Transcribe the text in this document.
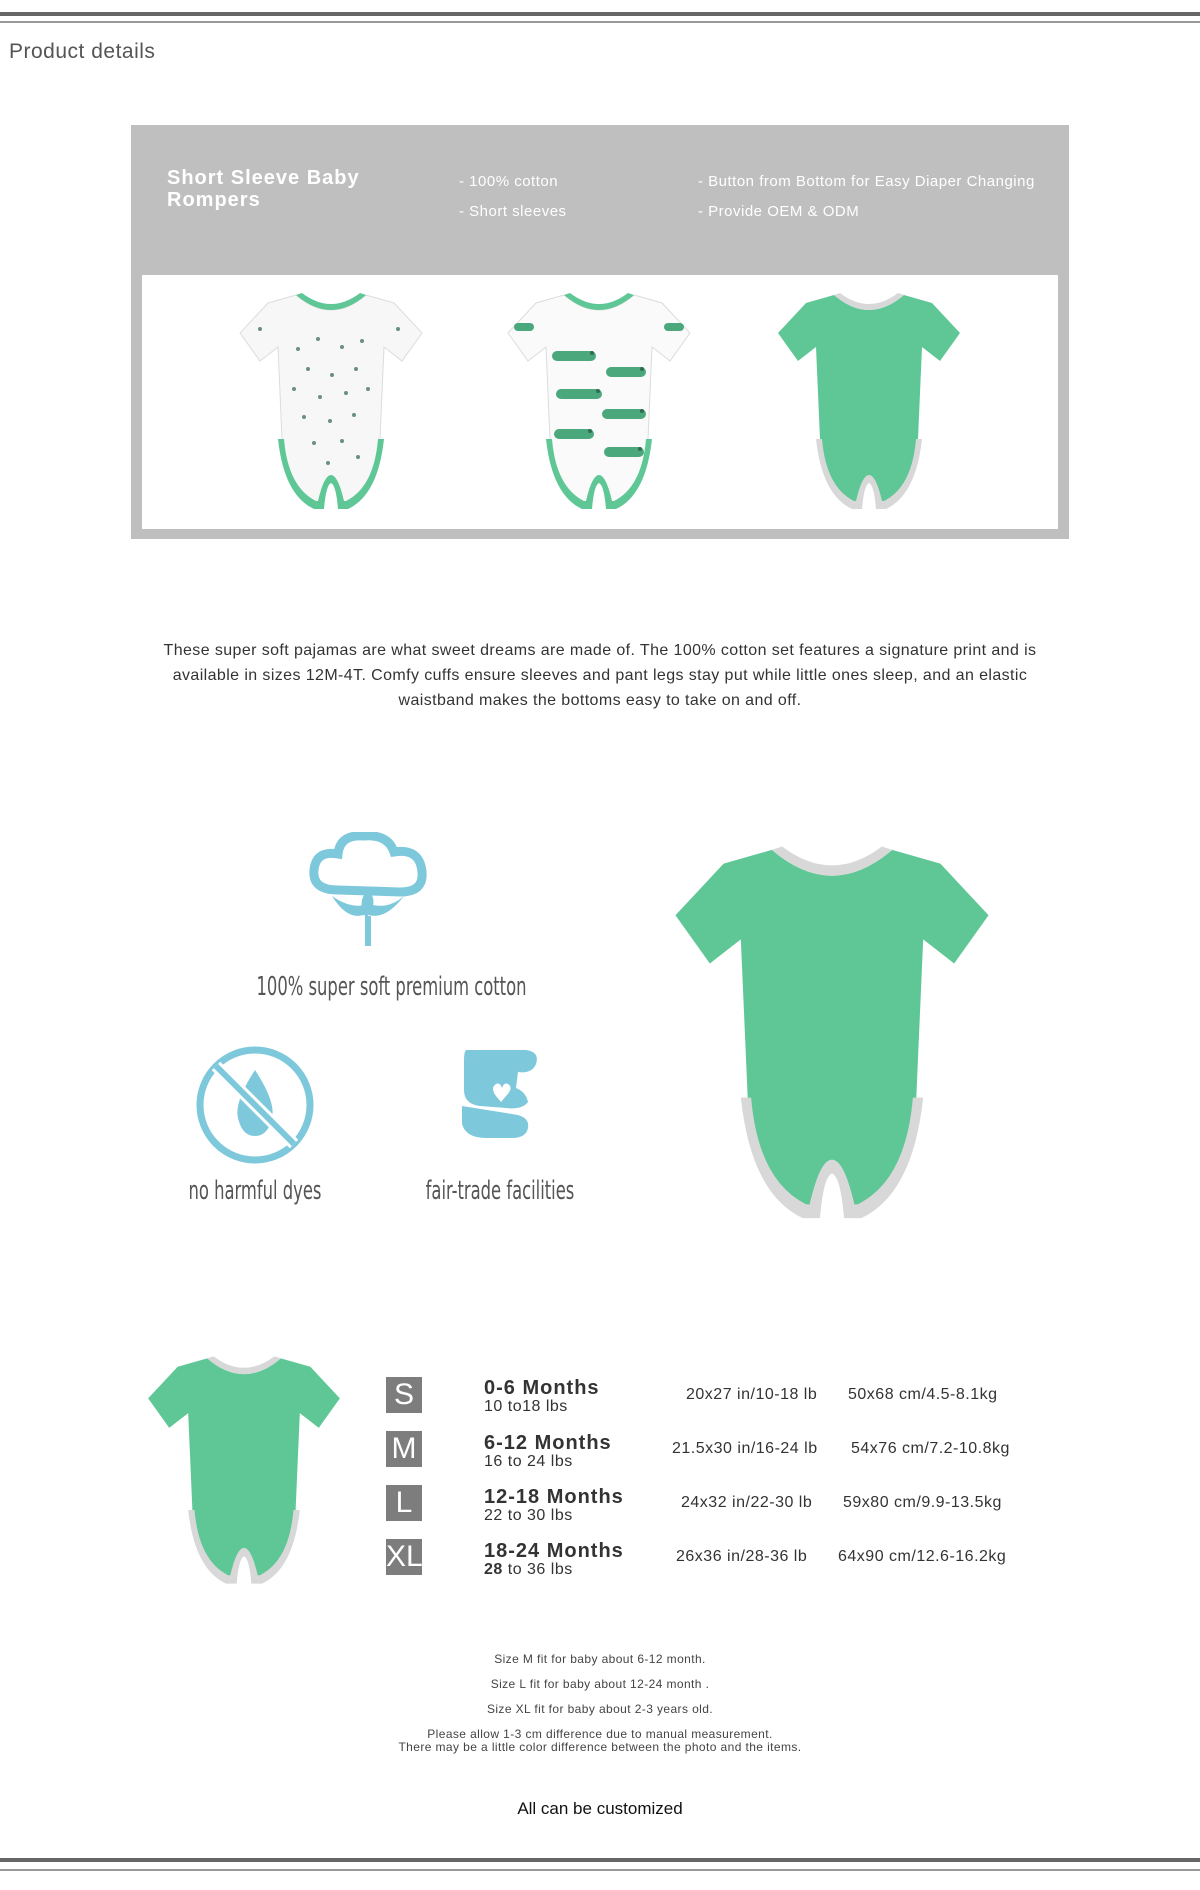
Product details
Short Sleeve Baby Rompers
- 100% cotton
- Short sleeves
- Button from Bottom for Easy Diaper Changing
- Provide OEM & ODM
These super soft pajamas are what sweet dreams are made of. The 100% cotton set features a signature print and is available in sizes 12M-4T. Comfy cuffs ensure sleeves and pant legs stay put while little ones sleep, and an elastic waistband makes the bottoms easy to take on and off.
100% super soft premium cotton
no harmful dyes	fair-trade facilities
S	0-6 Months
10 to18 lbs
20x27 in/10-18 lb 50x68 cm/4.5-8.1kg
M	6-12 Months
16 to 24 lbs
21.5x30 in/16-24 lb 54x76 cm/7.2-10.8kg
L	12-18 Months
22 to 30 lbs
24x32 in/22-30 lb 59x80 cm/9.9-13.5kg
XL	18-24 Months
28 to 36 lbs
26x36 in/28-36 lb 64x90 cm/12.6-16.2kg
Size M fit for baby about 6-12 month.
Size L fit for baby about 12-24 month .
Size XL fit for baby about 2-3 years old.
Please allow 1-3 cm difference due to manual measurement.
There may be a little color difference between the photo and the items.
All can be customized
